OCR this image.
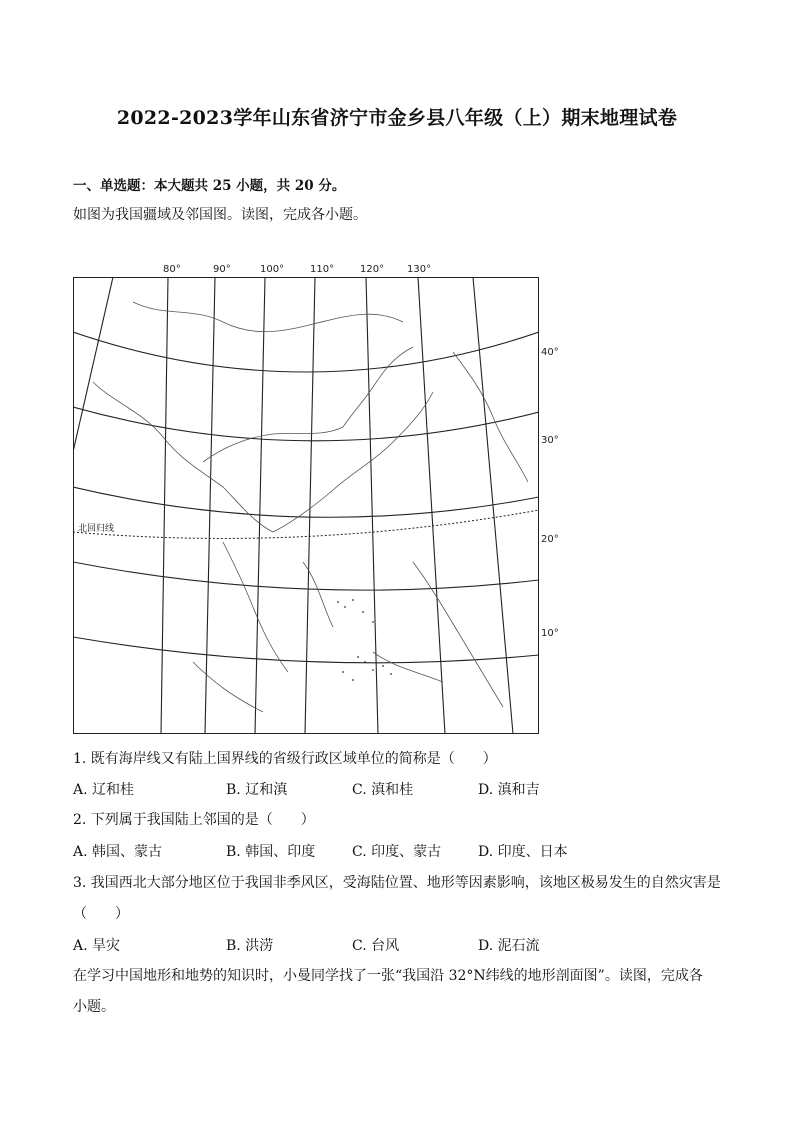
2022-2023学年山东省济宁市金乡县八年级（上）期末地理试卷
一、单选题：本大题共 25 小题，共 20 分。
如图为我国疆域及邻国图。读图，完成各小题。
80°	90°	100°	110°	120° 130°
40°
30°
20°
10°
北回归线
1. 既有海岸线又有陆上国界线的省级行政区域单位的简称是（　　）
A. 辽和桂	B. 辽和滇	C. 滇和桂	D. 滇和吉
2. 下列属于我国陆上邻国的是（　　）
A. 韩国、蒙古	B. 韩国、印度	C. 印度、蒙古	D. 印度、日本
3. 我国西北大部分地区位于我国非季风区，受海陆位置、地形等因素影响，该地区极易发生的自然灾害是
（　　）
A. 旱灾	B. 洪涝	C. 台风	D. 泥石流
在学习中国地形和地势的知识时，小曼同学找了一张“我国沿 32°N纬线的地形剖面图”。读图，完成各
小题。
